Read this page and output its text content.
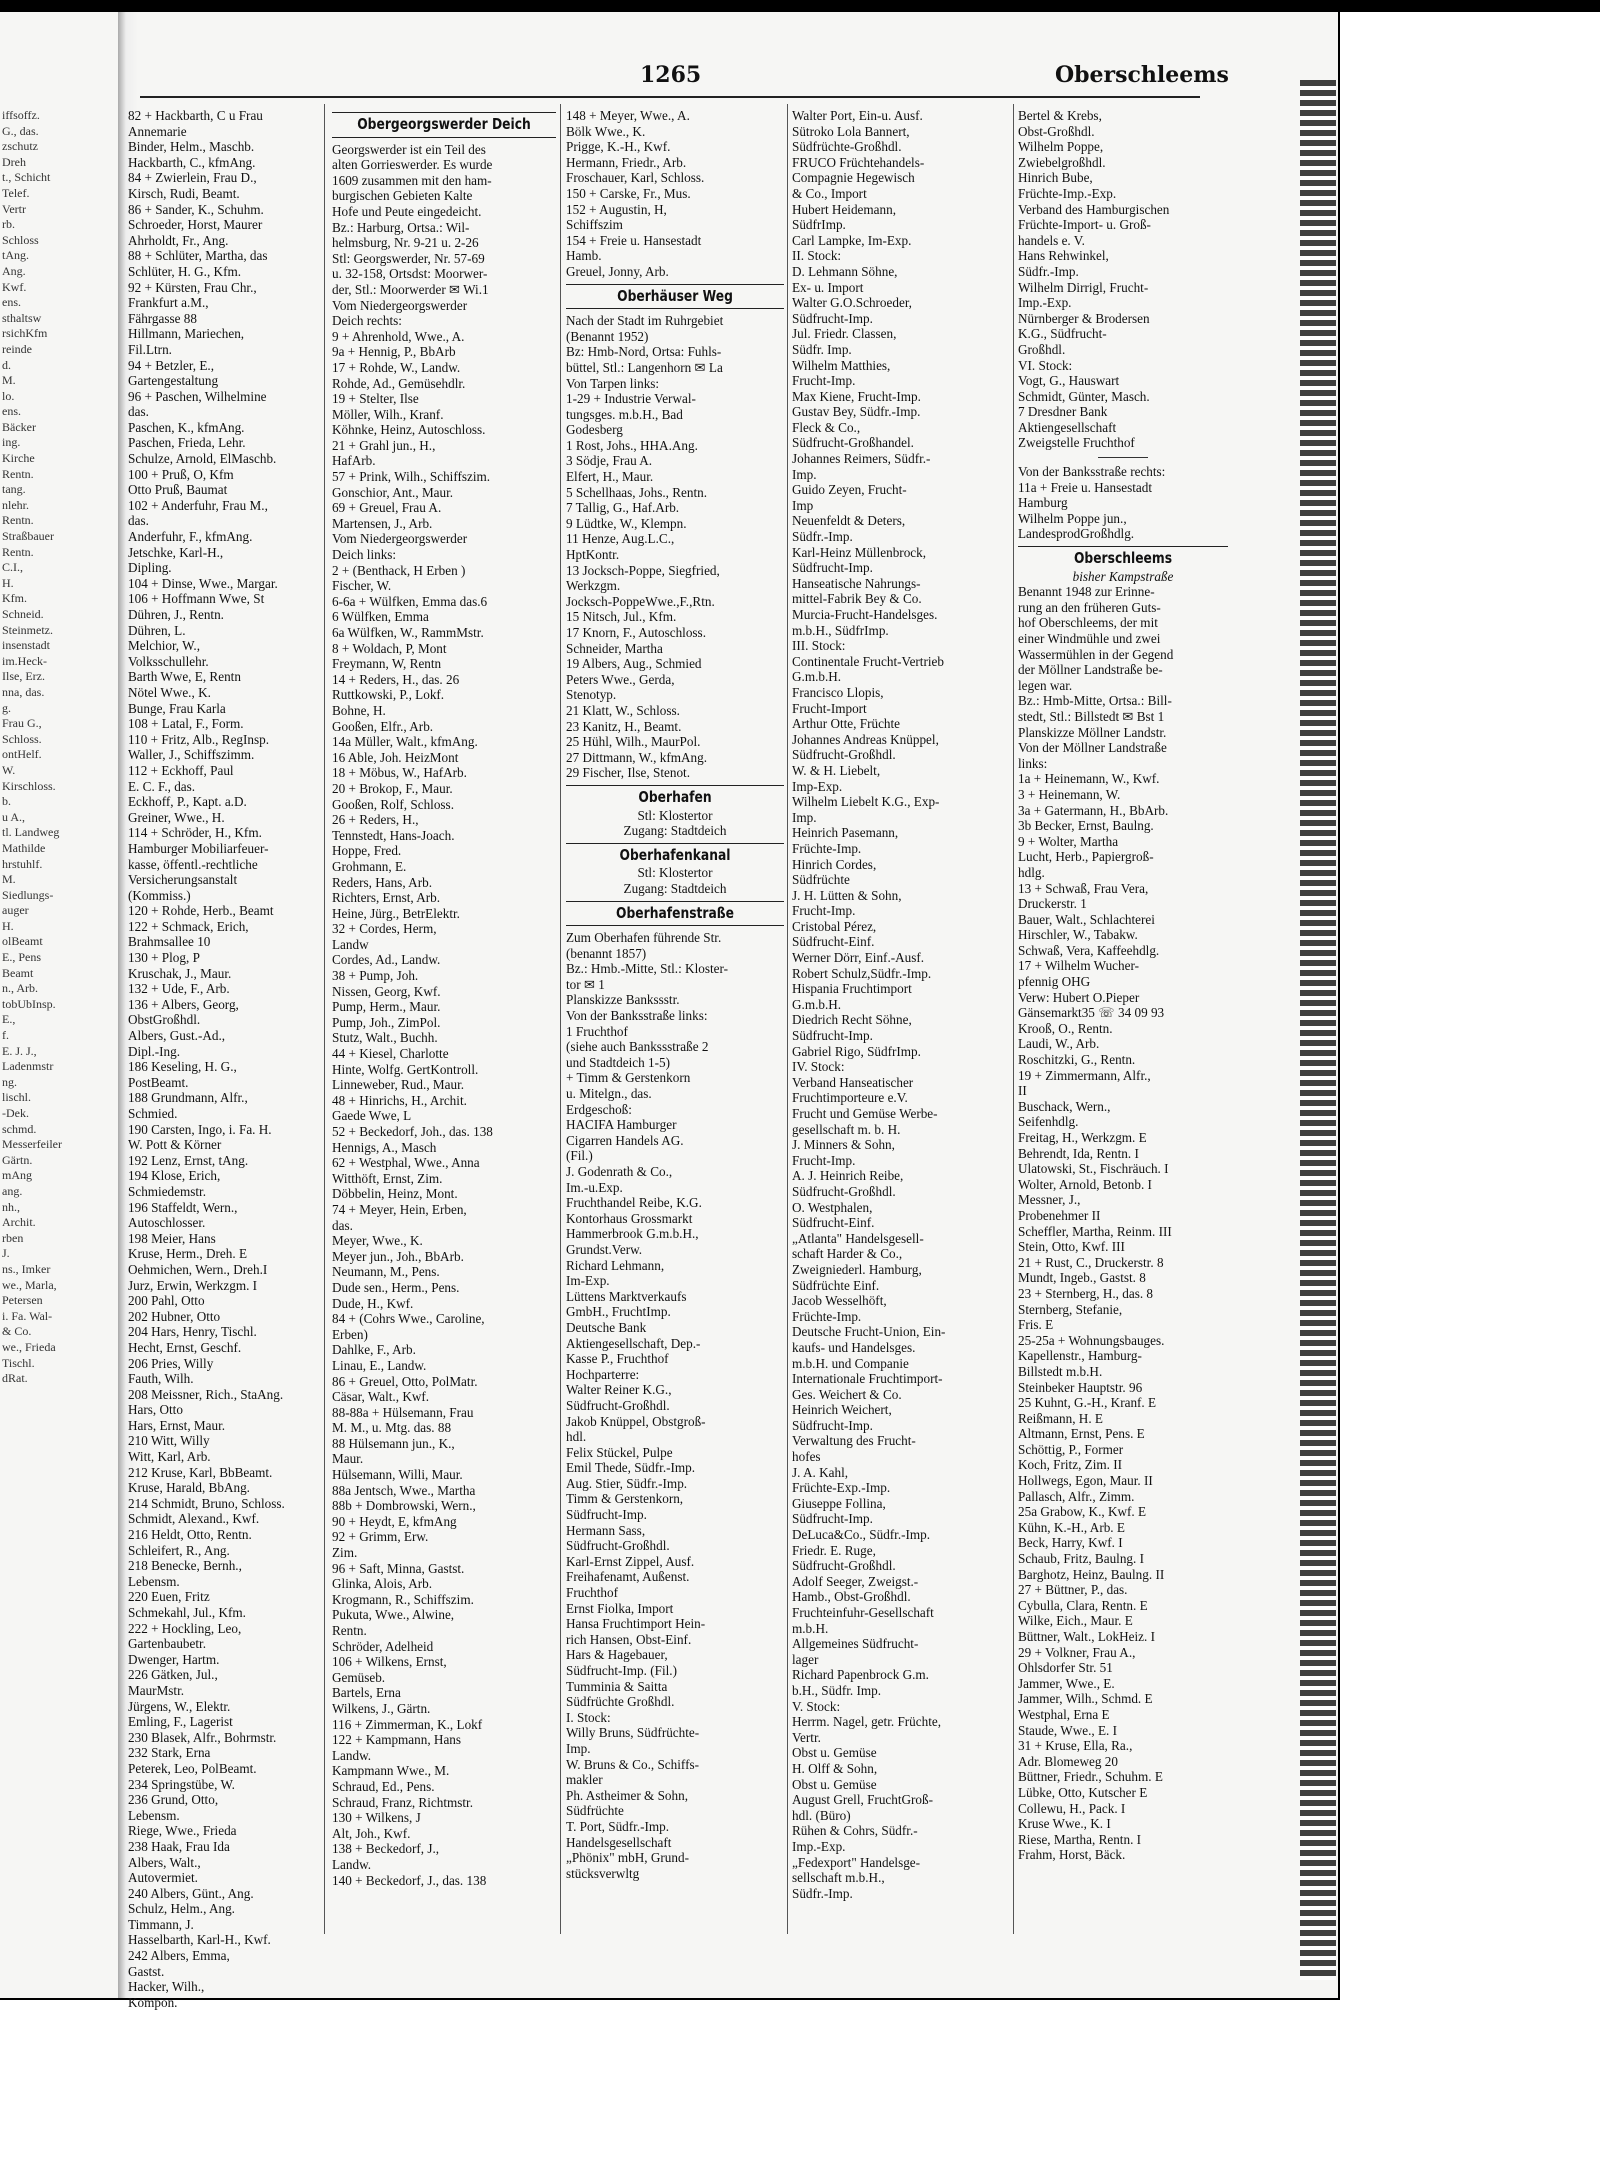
1265	Oberschleems

iffsoffz.

G., das.

zschutz

Dreh

t., Schicht

Telef.

Vertr

rb.

Schloss

tAng.

Ang.

Kwf.

ens.

sthaltsw

rsichKfm

reinde

d.

M.

lo.

ens.

Bäcker

ing.

Kirche

Rentn.

tang.

nlehr.

Rentn.

Straßbauer

Rentn.

C.I.,

H.

Kfm.

Schneid.

Steinmetz.

insenstadt

im.Heck-

Ilse, Erz.

nna, das.

g.

Frau G.,

Schloss.

ontHelf.

W.

Kirschloss.

b.

u A.,

tl. Landweg

Mathilde

hrstuhlf.

M.

Siedlungs-

auger

H.

olBeamt

E., Pens

Beamt

n., Arb.

tobUbInsp.

E.,

f.

E. J. J.,

Ladenmstr

ng.

lischl.

-Dek.

schmd.

Messerfeiler

Gärtn.

mAng

ang.

nh.,

Archit.

rben

J.

ns., Imker

we., Marla,

Petersen

i. Fa. Wal-

& Co.

we., Frieda

Tischl.

dRat.

82 + Hackbarth, C u Frau

Annemarie

Binder, Helm., Maschb.

Hackbarth, C., kfmAng.

84 + Zwierlein, Frau D.,

Kirsch, Rudi, Beamt.

86 + Sander, K., Schuhm.

Schroeder, Horst, Maurer

Ahrholdt, Fr., Ang.

88 + Schlüter, Martha, das

Schlüter, H. G., Kfm.

92 + Kürsten, Frau Chr.,

Frankfurt a.M.,

Fährgasse 88

Hillmann, Mariechen,

Fil.Ltrn.

94 + Betzler, E.,

Gartengestaltung

96 + Paschen, Wilhelmine

das.

Paschen, K., kfmAng.

Paschen, Frieda, Lehr.

Schulze, Arnold, ElMaschb.

100 + Pruß, O, Kfm

Otto Pruß, Baumat

102 + Anderfuhr, Frau M.,

das.

Anderfuhr, F., kfmAng.

Jetschke, Karl-H.,

Dipling.

104 + Dinse, Wwe., Margar.

106 + Hoffmann Wwe, St

Dühren, J., Rentn.

Dühren, L.

Melchior, W.,

Volksschullehr.

Barth Wwe, E, Rentn

Nötel Wwe., K.

Bunge, Frau Karla

108 + Latal, F., Form.

110 + Fritz, Alb., RegInsp.

Waller, J., Schiffszimm.

112 + Eckhoff, Paul

E. C. F., das.

Eckhoff, P., Kapt. a.D.

Greiner, Wwe., H.

114 + Schröder, H., Kfm.

Hamburger Mobiliarfeuer-

kasse, öffentl.-rechtliche

Versicherungsanstalt

(Kommiss.)

120 + Rohde, Herb., Beamt

122 + Schmack, Erich,

Brahmsallee 10

130 + Plog, P

Kruschak, J., Maur.

132 + Ude, F., Arb.

136 + Albers, Georg,

ObstGroßhdl.

Albers, Gust.-Ad.,

Dipl.-Ing.

186 Keseling, H. G.,

PostBeamt.

188 Grundmann, Alfr.,

Schmied.

190 Carsten, Ingo, i. Fa. H.

W. Pott & Körner

192 Lenz, Ernst, tAng.

194 Klose, Erich,

Schmiedemstr.

196 Staffeldt, Wern.,

Autoschlosser.

198 Meier, Hans

Kruse, Herm., Dreh. E

Oehmichen, Wern., Dreh.I

Jurz, Erwin, Werkzgm. I

200 Pahl, Otto

202 Hubner, Otto

204 Hars, Henry, Tischl.

Hecht, Ernst, Geschf.

206 Pries, Willy

Fauth, Wilh.

208 Meissner, Rich., StaAng.

Hars, Otto

Hars, Ernst, Maur.

210 Witt, Willy

Witt, Karl, Arb.

212 Kruse, Karl, BbBeamt.

Kruse, Harald, BbAng.

214 Schmidt, Bruno, Schloss.

Schmidt, Alexand., Kwf.

216 Heldt, Otto, Rentn.

Schleifert, R., Ang.

218 Benecke, Bernh.,

Lebensm.

220 Euen, Fritz

Schmekahl, Jul., Kfm.

222 + Hockling, Leo,

Gartenbaubetr.

Dwenger, Hartm.

226 Gätken, Jul.,

MaurMstr.

Jürgens, W., Elektr.

Emling, F., Lagerist

230 Blasek, Alfr., Bohrmstr.

232 Stark, Erna

Peterek, Leo, PolBeamt.

234 Springstübe, W.

236 Grund, Otto,

Lebensm.

Riege, Wwe., Frieda

238 Haak, Frau Ida

Albers, Walt.,

Autovermiet.

240 Albers, Günt., Ang.

Schulz, Helm., Ang.

Timmann, J.

Hasselbarth, Karl-H., Kwf.

242 Albers, Emma,

Gastst.

Hacker, Wilh.,

Kompon.

Obergeorgswerder Deich

Georgswerder ist ein Teil des

alten Gorrieswerder. Es wurde

1609 zusammen mit den ham-

burgischen Gebieten Kalte

Hofe und Peute eingedeicht.

Bz.: Harburg, Ortsa.: Wil-

helmsburg, Nr. 9-21 u. 2-26

Stl: Georgswerder, Nr. 57-69

u. 32-158, Ortsdst: Moorwer-

der, Stl.: Moorwerder ✉ Wi.1

Vom Niedergeorgswerder

Deich rechts:

9 + Ahrenhold, Wwe., A.

9a + Hennig, P., BbArb

17 + Rohde, W., Landw.

Rohde, Ad., Gemüsehdlr.

19 + Stelter, Ilse

Möller, Wilh., Kranf.

Köhnke, Heinz, Autoschloss.

21 + Grahl jun., H.,

HafArb.

57 + Prink, Wilh., Schiffszim.

Gonschior, Ant., Maur.

69 + Greuel, Frau A.

Martensen, J., Arb.

Vom Niedergeorgswerder

Deich links:

2 + (Benthack, H Erben )

Fischer, W.

6-6a + Wülfken, Emma das.6

6 Wülfken, Emma

6a Wülfken, W., RammMstr.

8 + Woldach, P, Mont

Freymann, W, Rentn

14 + Reders, H., das. 26

Ruttkowski, P., Lokf.

Bohne, H.

Gooßen, Elfr., Arb.

14a Müller, Walt., kfmAng.

16 Able, Joh. HeizMont

18 + Möbus, W., HafArb.

20 + Brokop, F., Maur.

Gooßen, Rolf, Schloss.

26 + Reders, H.,

Tennstedt, Hans-Joach.

Hoppe, Fred.

Grohmann, E.

Reders, Hans, Arb.

Richters, Ernst, Arb.

Heine, Jürg., BetrElektr.

32 + Cordes, Herm,

Landw

Cordes, Ad., Landw.

38 + Pump, Joh.

Nissen, Georg, Kwf.

Pump, Herm., Maur.

Pump, Joh., ZimPol.

Stutz, Walt., Buchh.

44 + Kiesel, Charlotte

Hinte, Wolfg. GertKontroll.

Linneweber, Rud., Maur.

48 + Hinrichs, H., Archit.

Gaede Wwe, L

52 + Beckedorf, Joh., das. 138

Hennigs, A., Masch

62 + Westphal, Wwe., Anna

Witthöft, Ernst, Zim.

Döbbelin, Heinz, Mont.

74 + Meyer, Hein, Erben,

das.

Meyer, Wwe., K.

Meyer jun., Joh., BbArb.

Neumann, M., Pens.

Dude sen., Herm., Pens.

Dude, H., Kwf.

84 + (Cohrs Wwe., Caroline,

Erben)

Dahlke, F., Arb.

Linau, E., Landw.

86 + Greuel, Otto, PolMatr.

Cäsar, Walt., Kwf.

88-88a + Hülsemann, Frau

M. M., u. Mtg. das. 88

88 Hülsemann jun., K.,

Maur.

Hülsemann, Willi, Maur.

88a Jentsch, Wwe., Martha

88b + Dombrowski, Wern.,

90 + Heydt, E, kfmAng

92 + Grimm, Erw.

Zim.

96 + Saft, Minna, Gastst.

Glinka, Alois, Arb.

Krogmann, R., Schiffszim.

Pukuta, Wwe., Alwine,

Rentn.

Schröder, Adelheid

106 + Wilkens, Ernst,

Gemüseb.

Bartels, Erna

Wilkens, J., Gärtn.

116 + Zimmerman, K., Lokf

122 + Kampmann, Hans

Landw.

Kampmann Wwe., M.

Schraud, Ed., Pens.

Schraud, Franz, Richtmstr.

130 + Wilkens, J

Alt, Joh., Kwf.

138 + Beckedorf, J.,

Landw.

140 + Beckedorf, J., das. 138

148 + Meyer, Wwe., A.

Bölk Wwe., K.

Prigge, K.-H., Kwf.

Hermann, Friedr., Arb.

Froschauer, Karl, Schloss.

150 + Carske, Fr., Mus.

152 + Augustin, H,

Schiffszim

154 + Freie u. Hansestadt

Hamb.

Greuel, Jonny, Arb.

Oberhäuser Weg

Nach der Stadt im Ruhrgebiet

(Benannt 1952)

Bz: Hmb-Nord, Ortsa: Fuhls-

büttel, Stl.: Langenhorn ✉ La

Von Tarpen links:

1-29 + Industrie Verwal-

tungsges. m.b.H., Bad

Godesberg

1 Rost, Johs., HHA.Ang.

3 Södje, Frau A.

Elfert, H., Maur.

5 Schellhaas, Johs., Rentn.

7 Tallig, G., Haf.Arb.

9 Lüdtke, W., Klempn.

11 Henze, Aug.L.C.,

HptKontr.

13 Jocksch-Poppe, Siegfried,

Werkzgm.

Jocksch-PoppeWwe.,F.,Rtn.

15 Nitsch, Jul., Kfm.

17 Knorn, F., Autoschloss.

Schneider, Martha

19 Albers, Aug., Schmied

Peters Wwe., Gerda,

Stenotyp.

21 Klatt, W., Schloss.

23 Kanitz, H., Beamt.

25 Hühl, Wilh., MaurPol.

27 Dittmann, W., kfmAng.

29 Fischer, Ilse, Stenot.

Oberhafen

Stl: Klostertor

Zugang: Stadtdeich

Oberhafenkanal

Stl: Klostertor

Zugang: Stadtdeich

Oberhafenstraße

Zum Oberhafen führende Str.

(benannt 1857)

Bz.: Hmb.-Mitte, Stl.: Kloster-

tor ✉ 1

Planskizze Bankssstr.

Von der Banksstraße links:

1 Fruchthof

(siehe auch Bankssstraße 2

und Stadtdeich 1-5)

+ Timm & Gerstenkorn

u. Mitelgn., das.

Erdgeschoß:

HACIFA Hamburger

Cigarren Handels AG.

(Fil.)

J. Godenrath & Co.,

Im.-u.Exp.

Fruchthandel Reibe, K.G.

Kontorhaus Grossmarkt

Hammerbrook G.m.b.H.,

Grundst.Verw.

Richard Lehmann,

Im-Exp.

Lüttens Marktverkaufs

GmbH., FruchtImp.

Deutsche Bank

Aktiengesellschaft, Dep.-

Kasse P., Fruchthof

Hochparterre:

Walter Reiner K.G.,

Südfrucht-Großhdl.

Jakob Knüppel, Obstgroß-

hdl.

Felix Stückel, Pulpe

Emil Thede, Südfr.-Imp.

Aug. Stier, Südfr.-Imp.

Timm & Gerstenkorn,

Südfrucht-Imp.

Hermann Sass,

Südfrucht-Großhdl.

Karl-Ernst Zippel, Ausf.

Freihafenamt, Außenst.

Fruchthof

Ernst Fiolka, Import

Hansa Fruchtimport Hein-

rich Hansen, Obst-Einf.

Hars & Hagebauer,

Südfrucht-Imp. (Fil.)

Tumminia & Saitta

Südfrüchte Großhdl.

I. Stock:

Willy Bruns, Südfrüchte-

Imp.

W. Bruns & Co., Schiffs-

makler

Ph. Astheimer & Sohn,

Südfrüchte

T. Port, Südfr.-Imp.

Handelsgesellschaft

„Phönix" mbH, Grund-

stücksverwltg

Walter Port, Ein-u. Ausf.

Sütroko Lola Bannert,

Südfrüchte-Großhdl.

FRUCO Früchtehandels-

Compagnie Hegewisch

& Co., Import

Hubert Heidemann,

SüdfrImp.

Carl Lampke, Im-Exp.

II. Stock:

D. Lehmann Söhne,

Ex- u. Import

Walter G.O.Schroeder,

Südfrucht-Imp.

Jul. Friedr. Classen,

Südfr. Imp.

Wilhelm Matthies,

Frucht-Imp.

Max Kiene, Frucht-Imp.

Gustav Bey, Südfr.-Imp.

Fleck & Co.,

Südfrucht-Großhandel.

Johannes Reimers, Südfr.-

Imp.

Guido Zeyen, Frucht-

Imp

Neuenfeldt & Deters,

Südfr.-Imp.

Karl-Heinz Müllenbrock,

Südfrucht-Imp.

Hanseatische Nahrungs-

mittel-Fabrik Bey & Co.

Murcia-Frucht-Handelsges.

m.b.H., SüdfrImp.

III. Stock:

Continentale Frucht-Vertrieb

G.m.b.H.

Francisco Llopis,

Frucht-Import

Arthur Otte, Früchte

Johannes Andreas Knüppel,

Südfrucht-Großhdl.

W. & H. Liebelt,

Imp-Exp.

Wilhelm Liebelt K.G., Exp-

Imp.

Heinrich Pasemann,

Früchte-Imp.

Hinrich Cordes,

Südfrüchte

J. H. Lütten & Sohn,

Frucht-Imp.

Cristobal Pérez,

Südfrucht-Einf.

Werner Dörr, Einf.-Ausf.

Robert Schulz,Südfr.-Imp.

Hispania Fruchtimport

G.m.b.H.

Diedrich Recht Söhne,

Südfrucht-Imp.

Gabriel Rigo, SüdfrImp.

IV. Stock:

Verband Hanseatischer

Fruchtimporteure e.V.

Frucht und Gemüse Werbe-

gesellschaft m. b. H.

J. Minners & Sohn,

Frucht-Imp.

A. J. Heinrich Reibe,

Südfrucht-Großhdl.

O. Westphalen,

Südfrucht-Einf.

„Atlanta" Handelsgesell-

schaft Harder & Co.,

Zweigniederl. Hamburg,

Südfrüchte Einf.

Jacob Wesselhöft,

Früchte-Imp.

Deutsche Frucht-Union, Ein-

kaufs- und Handelsges.

m.b.H. und Companie

Internationale Fruchtimport-

Ges. Weichert & Co.

Heinrich Weichert,

Südfrucht-Imp.

Verwaltung des Frucht-

hofes

J. A. Kahl,

Früchte-Exp.-Imp.

Giuseppe Follina,

Südfrucht-Imp.

DeLuca&Co., Südfr.-Imp.

Friedr. E. Ruge,

Südfrucht-Großhdl.

Adolf Seeger, Zweigst.-

Hamb., Obst-Großhdl.

Fruchteinfuhr-Gesellschaft

m.b.H.

Allgemeines Südfrucht-

lager

Richard Papenbrock G.m.

b.H., Südfr. Imp.

V. Stock:

Herrm. Nagel, getr. Früchte,

Vertr.

Obst u. Gemüse

H. Olff & Sohn,

Obst u. Gemüse

August Grell, FruchtGroß-

hdl. (Büro)

Rühen & Cohrs, Südfr.-

Imp.-Exp.

„Fedexport" Handelsge-

sellschaft m.b.H.,

Südfr.-Imp.

Bertel & Krebs,

Obst-Großhdl.

Wilhelm Poppe,

Zwiebelgroßhdl.

Hinrich Bube,

Früchte-Imp.-Exp.

Verband des Hamburgischen

Früchte-Import- u. Groß-

handels e. V.

Hans Rehwinkel,

Südfr.-Imp.

Wilhelm Dirrigl, Frucht-

Imp.-Exp.

Nürnberger & Brodersen

K.G., Südfrucht-

Großhdl.

VI. Stock:

Vogt, G., Hauswart

Schmidt, Günter, Masch.

7 Dresdner Bank

Aktiengesellschaft

Zweigstelle Fruchthof

Von der Banksstraße rechts:

11a + Freie u. Hansestadt

Hamburg

Wilhelm Poppe jun.,

LandesprodGroßhdlg.

Oberschleems
bisher Kampstraße

Benannt 1948 zur Erinne-

rung an den früheren Guts-

hof Oberschleems, der mit

einer Windmühle und zwei

Wassermühlen in der Gegend

der Möllner Landstraße be-

legen war.

Bz.: Hmb-Mitte, Ortsa.: Bill-

stedt, Stl.: Billstedt ✉ Bst 1

Planskizze Möllner Landstr.

Von der Möllner Landstraße

links:

1a + Heinemann, W., Kwf.

3 + Heinemann, W.

3a + Gatermann, H., BbArb.

3b Becker, Ernst, Baulng.

9 + Wolter, Martha

Lucht, Herb., Papiergroß-

hdlg.

13 + Schwaß, Frau Vera,

Druckerstr. 1

Bauer, Walt., Schlachterei

Hirschler, W., Tabakw.

Schwaß, Vera, Kaffeehdlg.

17 + Wilhelm Wucher-

pfennig OHG

Verw: Hubert O.Pieper

Gänsemarkt35 ☏ 34 09 93

Krooß, O., Rentn.

Laudi, W., Arb.

Roschitzki, G., Rentn.

19 + Zimmermann, Alfr.,

II

Buschack, Wern.,

Seifenhdlg.

Freitag, H., Werkzgm. E

Behrendt, Ida, Rentn. I

Ulatowski, St., Fischräuch. I

Wolter, Arnold, Betonb. I

Messner, J.,

Probenehmer II

Scheffler, Martha, Reinm. III

Stein, Otto, Kwf. III

21 + Rust, C., Druckerstr. 8

Mundt, Ingeb., Gastst. 8

23 + Sternberg, H., das. 8

Sternberg, Stefanie,

Fris. E

25-25a + Wohnungsbauges.

Kapellenstr., Hamburg-

Billstedt m.b.H.

Steinbeker Hauptstr. 96

25 Kuhnt, G.-H., Kranf. E

Reißmann, H. E

Altmann, Ernst, Pens. E

Schöttig, P., Former

Koch, Fritz, Zim. II

Hollwegs, Egon, Maur. II

Pallasch, Alfr., Zimm.

25a Grabow, K., Kwf. E

Kühn, K.-H., Arb. E

Beck, Harry, Kwf. I

Schaub, Fritz, Baulng. I

Barghotz, Heinz, Baulng. II

27 + Büttner, P., das.

Cybulla, Clara, Rentn. E

Wilke, Eich., Maur. E

Büttner, Walt., LokHeiz. I

29 + Volkner, Frau A.,

Ohlsdorfer Str. 51

Jammer, Wwe., E.

Jammer, Wilh., Schmd. E

Westphal, Erna E

Staude, Wwe., E. I

31 + Kruse, Ella, Ra.,

Adr. Blomeweg 20

Büttner, Friedr., Schuhm. E

Lübke, Otto, Kutscher E

Collewu, H., Pack. I

Kruse Wwe., K. I

Riese, Martha, Rentn. I

Frahm, Horst, Bäck.
